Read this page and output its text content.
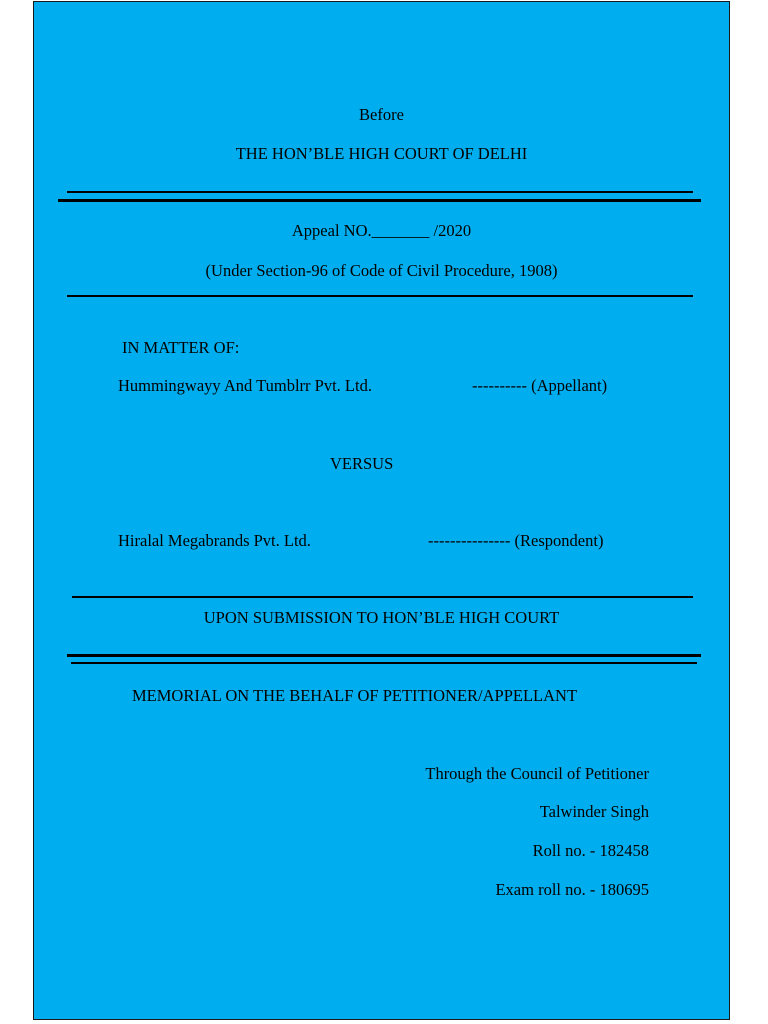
Before
THE HON’BLE HIGH COURT OF DELHI
Appeal NO._______ /2020
(Under Section-96 of Code of Civil Procedure, 1908)
IN MATTER OF:
Hummingwayy And Tumblrr Pvt. Ltd.	---------- (Appellant)
VERSUS
Hiralal Megabrands Pvt. Ltd.	--------------- (Respondent)
UPON SUBMISSION TO HON’BLE HIGH COURT
MEMORIAL ON THE BEHALF OF PETITIONER/APPELLANT
Through the Council of Petitioner
Talwinder Singh
Roll no. - 182458
Exam roll no. - 180695
